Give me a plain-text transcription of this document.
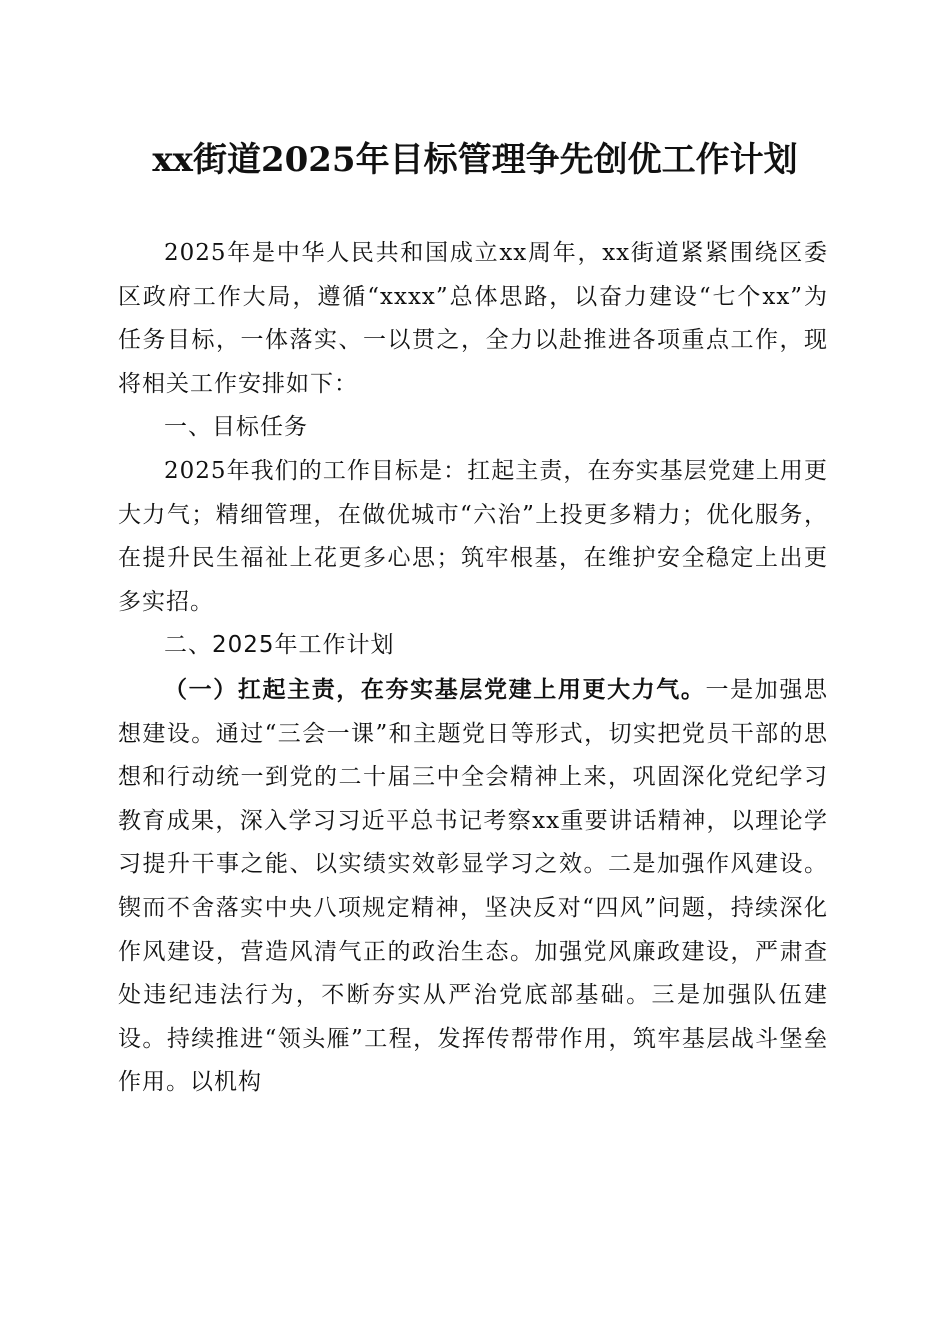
xx街道2025年目标管理争先创优工作计划

2025年是中华人民共和国成立xx周年，xx街道紧紧围绕区委区政府工作大局，遵循“xxxx”总体思路，以奋力建设“七个xx”为任务目标，一体落实、一以贯之，全力以赴推进各项重点工作，现将相关工作安排如下：

一、目标任务

2025年我们的工作目标是：扛起主责，在夯实基层党建上用更大力气；精细管理，在做优城市“六治”上投更多精力；优化服务，在提升民生福祉上花更多心思；筑牢根基，在维护安全稳定上出更多实招。

二、2025年工作计划

（一）扛起主责，在夯实基层党建上用更大力气。一是加强思想建设。通过“三会一课”和主题党日等形式，切实把党员干部的思想和行动统一到党的二十届三中全会精神上来，巩固深化党纪学习教育成果，深入学习习近平总书记考察xx重要讲话精神，以理论学习提升干事之能、以实绩实效彰显学习之效。二是加强作风建设。锲而不舍落实中央八项规定精神，坚决反对“四风”问题，持续深化作风建设，营造风清气正的政治生态。加强党风廉政建设，严肃查处违纪违法行为，不断夯实从严治党底部基础。三是加强队伍建设。持续推进“领头雁”工程，发挥传帮带作用，筑牢基层战斗堡垒作用。以机构
